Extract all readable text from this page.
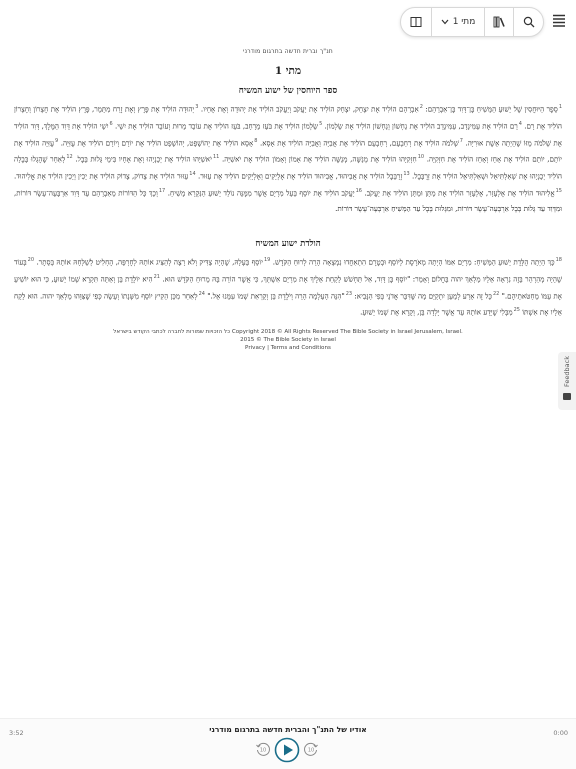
מתי 1
תנ"ך וברית חדשה בתרגום מודרני
מתי 1
ספר היוחסין של ישוע המשיח
$^1$סֵפֶר הַיּוּחֲסִין שֶׁל יֵשׁוּעַ הַמָּשִׁיחַ בֶּן־דָּוִד בֶּן־אַבְרָהָם: $^2$אַבְרָהָם הוֹלִיד אֶת יִצְחָק, יִצְחָק הוֹלִיד אֶת יַעֲקֹב וְיַעֲקֹב הוֹלִיד אֶת יְהוּדָה וְאֶת אֶחָיו. $^3$יְהוּדָה הוֹלִיד אֶת פֶּרֶץ וְאֶת זֶרַח מִתָּמָר, פֶּרֶץ הוֹלִיד אֶת חֶצְרוֹן וְחֶצְרוֹן הוֹלִיד אֶת רָם. $^4$רָם הוֹלִיד אֶת עַמִּינָדָב, עַמִּינָדָב הוֹלִיד אֶת נַחְשׁוֹן וְנַחְשׁוֹן הוֹלִיד אֶת שַׂלְמוֹן. $^5$שַׂלְמוֹן הוֹלִיד אֶת בֹּעַז מֵרָחָב, בֹּעַז הוֹלִיד אֶת עוֹבֵד מֵרוּת וְעוֹבֵד הוֹלִיד אֶת יִשַׁי. $^6$יִשַׁי הוֹלִיד אֶת דָּוִד הַמֶּלֶךְ, דָּוִד הוֹלִיד אֶת שְׁלֹמֹה מֵזּוֹ שֶׁהָיְתָה אֵשֶׁת אוּרִיָּה. $^7$שְׁלֹמֹה הוֹלִיד אֶת רְחַבְעָם, רְחַבְעָם הוֹלִיד אֶת אֲבִיָּה וַאֲבִיָּה הוֹלִיד אֶת אָסָא. $^8$אָסָא הוֹלִיד אֶת יְהוֹשָׁפָט, יְהוֹשָׁפָט הוֹלִיד אֶת יוֹרָם וְיוֹרָם הוֹלִיד אֶת עֻזִּיָּה. $^9$עֻזִּיָּה הוֹלִיד אֶת יוֹתָם, יוֹתָם הוֹלִיד אֶת אָחָז וְאָחָז הוֹלִיד אֶת חִזְקִיָּה. $^{10}$חִזְקִיָּהוּ הוֹלִיד אֶת מְנַשֶּׁה, מְנַשֶּׁה הוֹלִיד אֶת אָמוֹן וְאָמוֹן הוֹלִיד אֶת יֹאשִׁיָּה. $^{11}$יֹאשִׁיָּהוּ הוֹלִיד אֶת יְכָנְיָהוּ וְאֶת אֶחָיו בִּימֵי גָּלוּת בָּבֶל. $^{12}$לְאַחַר שֶׁהֻגְלוּ בָּבֶלָה הוֹלִיד יְכָנְיָהוּ אֶת שְׁאַלְתִּיאֵל וּשְׁאַלְתִּיאֵל הוֹלִיד אֶת זְרֻבָּבֶל. $^{13}$זְרֻבָּבֶל הוֹלִיד אֶת אֲבִיהוּד, אֲבִיהוּד הוֹלִיד אֶת אֶלְיָקִים וְאֶלְיָקִים הוֹלִיד אֶת עַזּוּר. $^{14}$עַזּוּר הוֹלִיד אֶת צָדוֹק, צָדוֹק הוֹלִיד אֶת יָכִין וְיָכִין הוֹלִיד אֶת אֱלִיהוּד. $^{15}$אֱלִיהוּד הוֹלִיד אֶת אֶלְעָזָר, אֶלְעָזָר הוֹלִיד אֶת מַתָּן וּמַתָּן הוֹלִיד אֶת יַעֲקֹב. $^{16}$יַעֲקֹב הוֹלִיד אֶת יוֹסֵף בַּעַל מִרְיָם אֲשֶׁר מִמֶּנָּה נוֹלַד יֵשׁוּעַ הַנִּקְרָא מָשִׁיחַ. $^{17}$וְכָךְ כָּל הַדּוֹרוֹת מֵאַבְרָהָם עַד דָּוִד אַרְבָּעָה־עָשָׂר דּוֹרוֹת, וּמִדָּוִד עַד גָּלוּת בָּבֶל אַרְבָּעָה־עָשָׂר דּוֹרוֹת, וּמִגָּלוּת בָּבֶל עַד הַמָּשִׁיחַ אַרְבָּעָה־עָשָׂר דּוֹרוֹת.
הולדת ישוע המשיח
$^{18}$כָּךְ הָיְתָה הֻלֶּדֶת יֵשׁוּעַ הַמָּשִׁיחַ: מִרְיָם אִמּוֹ הָיְתָה מְאֹרֶסֶת לְיוֹסֵף וּבְטֶרֶם הִתְאַחֲדוּ נִמְצְאָה הָרָה לְרוּחַ הַקֹּדֶשׁ. $^{19}$יוֹסֵף בַּעְלָהּ, שֶׁהָיָה צַדִּיק וְלֹא רָצָה לְהַצִּיג אוֹתָהּ לְחֶרְפָּה, הֶחְלִיט לְשַׁלְּחָהּ אוֹתָהּ בְּסֵתֶר. $^{20}$בְּעוֹד שֶׁהָיָה מְהַרְהֵר בָּזֶה נִרְאָה אֵלָיו מַלְאַךְ יהוה בַּחֲלוֹם וְאָמַר: "יוֹסֵף בֶּן דָּוִד, אַל תַּחְשֹׁשׁ לָקַחַת אֵלֶיךָ אֶת מִרְיָם אִשְׁתְּךָ, כִּי אֲשֶׁר הוֹרָה בָּהּ מֵרוּחַ הַקֹּדֶשׁ הוּא. $^{21}$הִיא יוֹלֶדֶת בֵּן וְאַתָּה תִּקְרָא שְׁמוֹ יֵשׁוּעַ, כִּי הוּא יוֹשִׁיעַ אֶת עַמּוֹ מֵחַטֹּאתֵיהֶם." $^{22}$כָּל זֶה אֵרַע לְמַעַן יִתְקַיֵּם מָה שֶּׁדִּבֵּר אֲדֹנָי בְּפִי הַנָּבִיא: $^{23}$"הִנֵּה הָעַלְמָה הָרָה וְיֹלֶדֶת בֵּן וְקָרְאַת שְׁמוֹ עִמָּנוּ אֵל." $^{24}$לְאַחַר מִכֵּן הֵקִיץ יוֹסֵף מִשְּׁנָתוֹ וְעָשָׂה כְּפִי שֶׁצִּוָּהוּ מַלְאַךְ יהוה. הוּא לָקַח אֵלָיו אֶת אִשְׁתּוֹ $^{25}$מִבְּלִי שֶׁיֵּדַע אוֹתָהּ עַד אֲשֶׁר יָלְדָה בֵּן, וְקָרָא אֶת שְׁמוֹ יֵשׁוּעַ.
כל הזכויות שמורות לחברה לכתבי הקודש בישראל Copyright 2018 © All Rights Reserved The Bible Society in Israel Jerusalem, Israel.
2015 © The Bible Society in Israel
Privacy | Terms and Conditions
Feedback
3:52	אודיו של התנ"ך והברית חדשה בתרגום מודרני	0:00
10	10
